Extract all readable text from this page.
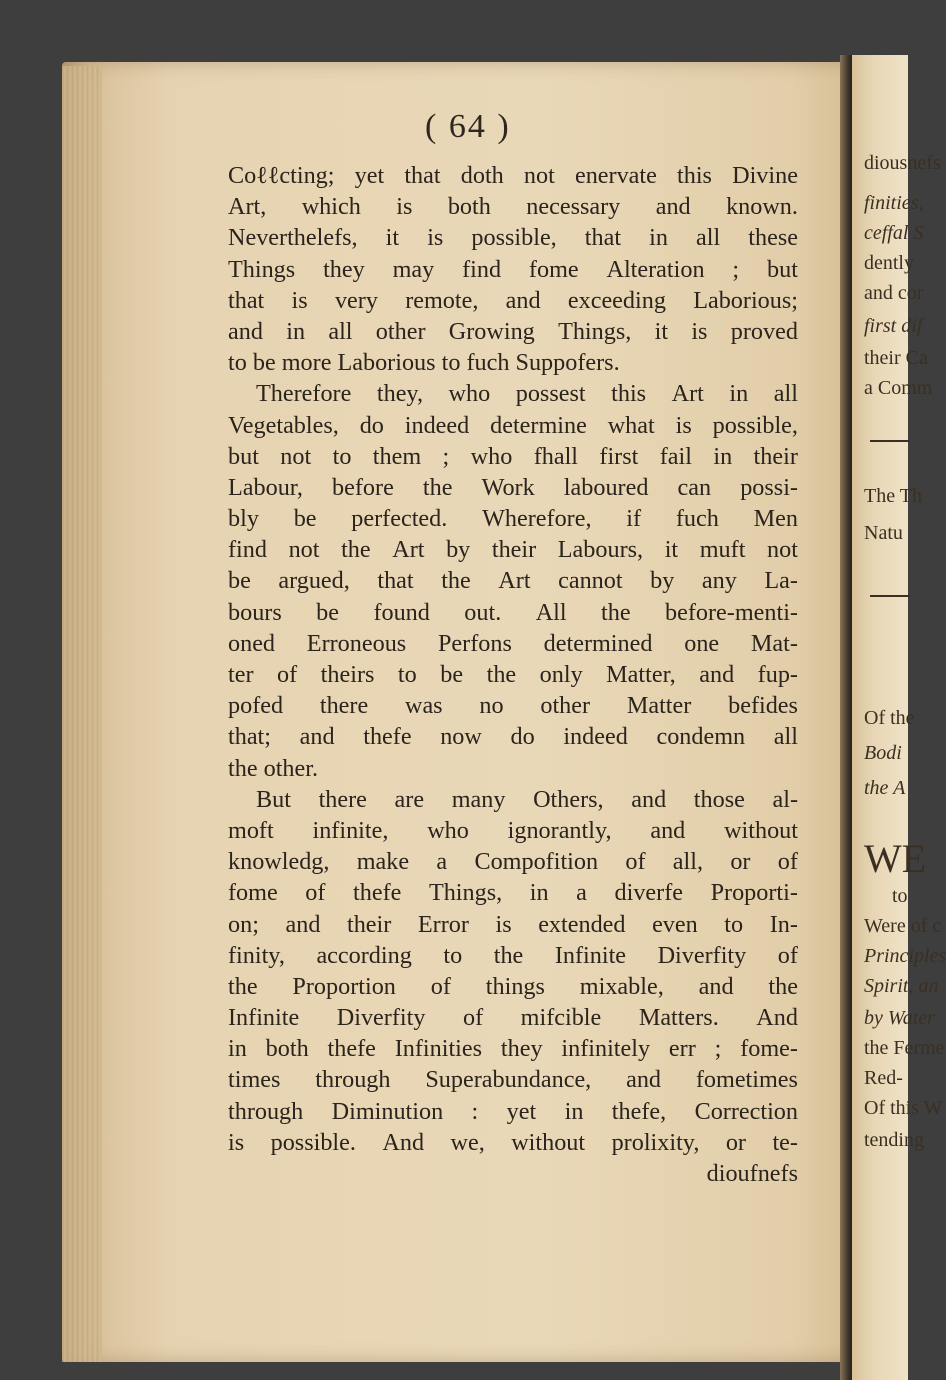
diousnefs
finities,
ceffal S
dently
and cor
first dif
their Ca
a Comm
The Th
Natu
Of the
Bodi
the A
WE
to
Were of c
Principles
Spirit, an
by Water
the Ferme
Red-
Of this W
tending
( 64 )
Cοℓℓcting; yet that doth not enervate this Divine
Art, which is both necessary and known.
Neverthelefs, it is possible, that in all these
Things they may find fome Alteration ; but
that is very remote, and exceeding Laborious;
and in all other Growing Things, it is proved
to be more Laborious to fuch Suppofers.
Therefore they, who possest this Art in all
Vegetables, do indeed determine what is possible,
but not to them ; who fhall first fail in their
Labour, before the Work laboured can possi-
bly be perfected. Wherefore, if fuch Men
find not the Art by their Labours, it muft not
be argued, that the Art cannot by any La-
bours be found out. All the before-menti-
oned Erroneous Perfons determined one Mat-
ter of theirs to be the only Matter, and fup-
pofed there was no other Matter befides
that; and thefe now do indeed condemn all
the other.
But there are many Others, and those al-
moft infinite, who ignorantly, and without
knowledg, make a Compofition of all, or of
fome of thefe Things, in a diverfe Proporti-
on; and their Error is extended even to In-
finity, according to the Infinite Diverfity of
the Proportion of things mixable, and the
Infinite Diverfity of mifcible Matters. And
in both thefe Infinities they infinitely err ; fome-
times through Superabundance, and fometimes
through Diminution : yet in thefe, Correction
is possible. And we, without prolixity, or te-
dioufnefs
